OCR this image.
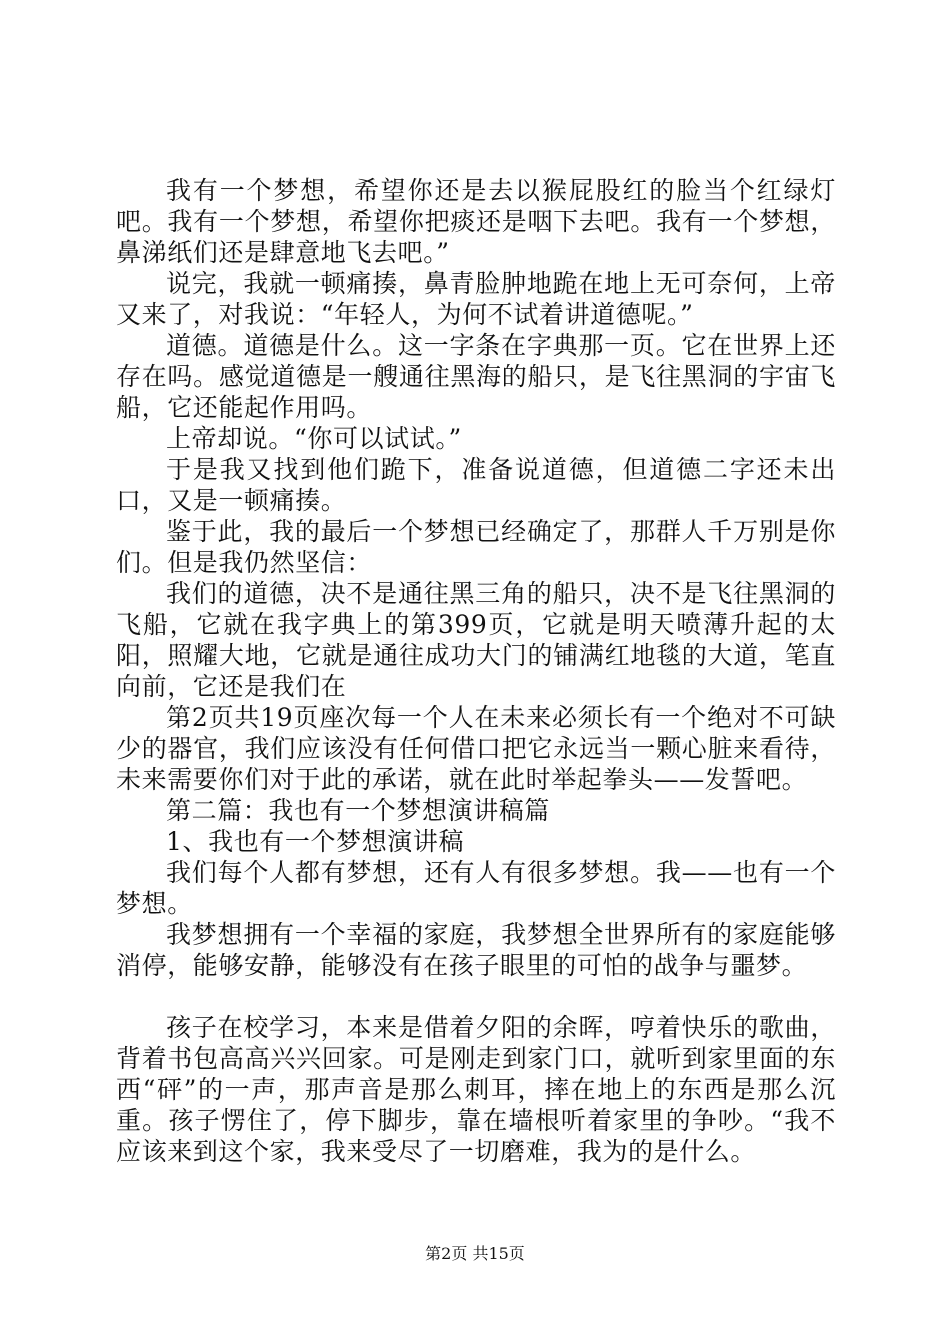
我有一个梦想，希望你还是去以猴屁股红的脸当个红绿灯吧。我有一个梦想，希望你把痰还是咽下去吧。我有一个梦想，鼻涕纸们还是肆意地飞去吧。”

说完，我就一顿痛揍，鼻青脸肿地跪在地上无可奈何，上帝又来了，对我说：“年轻人，为何不试着讲道德呢。”

道德。道德是什么。这一字条在字典那一页。它在世界上还存在吗。感觉道德是一艘通往黑海的船只，是飞往黑洞的宇宙飞船，它还能起作用吗。

上帝却说。“你可以试试。”

于是我又找到他们跪下，准备说道德，但道德二字还未出口，又是一顿痛揍。

鉴于此，我的最后一个梦想已经确定了，那群人千万别是你们。但是我仍然坚信：

我们的道德，决不是通往黑三角的船只，决不是飞往黑洞的飞船，它就在我字典上的第399页，它就是明天喷薄升起的太阳，照耀大地，它就是通往成功大门的铺满红地毯的大道，笔直向前，它还是我们在

第2页共19页座次每一个人在未来必须长有一个绝对不可缺少的器官，我们应该没有任何借口把它永远当一颗心脏来看待，未来需要你们对于此的承诺，就在此时举起拳头——发誓吧。

第二篇：我也有一个梦想演讲稿篇

1、我也有一个梦想演讲稿

我们每个人都有梦想，还有人有很多梦想。我——也有一个梦想。

我梦想拥有一个幸福的家庭，我梦想全世界所有的家庭能够消停，能够安静，能够没有在孩子眼里的可怕的战争与噩梦。

孩子在校学习，本来是借着夕阳的余晖，哼着快乐的歌曲，背着书包高高兴兴回家。可是刚走到家门口，就听到家里面的东西“砰”的一声，那声音是那么刺耳，摔在地上的东西是那么沉重。孩子愣住了，停下脚步，靠在墙根听着家里的争吵。“我不应该来到这个家，我来受尽了一切磨难，我为的是什么。

第2页 共15页
